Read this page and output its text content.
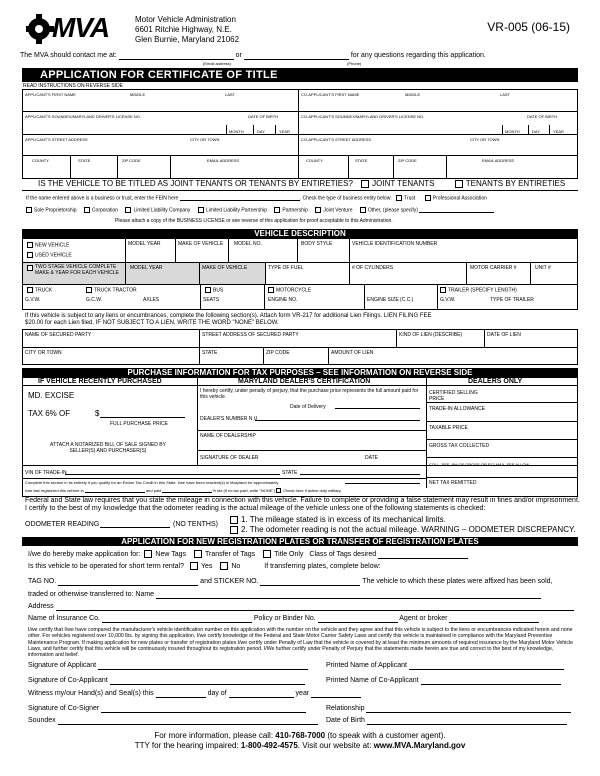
MVA	Motor Vehicle Administration
6601 Ritchie Highway, N.E.
Glen Burnie, Maryland 21062
VR-005 (06-15)
The MVA should contact me at:	or	for any questions regarding this application.
(Email address)	(Phone)
APPLICATION FOR CERTIFICATE OF TITLE
READ INSTRUCTIONS ON REVERSE SIDE
APPLICANT'S FIRST NAME	MIDDLE	LAST	CO-APPLICANT'S FIRST NAME	MIDDLE	LAST
APPLICANT'S SOUNDEX/MARYLAND DRIVER'S LICENSE NO.	DATE OF BIRTH
MONTH	DAY	YEAR
CO-APPLICANT'S SOUNDEX/MARYLAND DRIVER'S LICENSE NO.	DATE OF BIRTH
MONTH	DAY	YEAR
APPLICANT'S STREET ADDRESS	CITY OR TOWN	CO-APPLICANT'S STREET ADDRESS	CITY OR TOWN
COUNTY	STATE	ZIP CODE	EMAIL ADDRESS	COUNTY	STATE	ZIP CODE	EMAIL ADDRESS
IS THE VEHICLE TO BE TITLED AS JOINT TENANTS OR TENANTS BY ENTIRETIES? JOINT TENANTS	TENANTS BY ENTIRETIES
If the name entered above is a business or trust, enter the FEIN here	. Check the type of business entity below: Trust	Professional Association
Sole Proprietorship	Corporation	Limited Liability Company	Limited Liability Partnership	Partnership	Joint Venture	Other, (please specify)
Please attach a copy of the BUSINESS LICENSE or see reverse of this application for proof acceptable to this Administration.
VEHICLE DESCRIPTION
NEW VEHICLE
USED VEHICLE
MODEL YEAR	MAKE OF VEHICLE MODEL NO.	BODY STYLE	VEHICLE IDENTIFICATION NUMBER
TWO STAGE VEHICLE COMPLETE MAKE & YEAR FOR EACH VEHICLE
MODEL YEAR	MAKE OF VEHICLE	TYPE OF FUEL	# OF CYLINDERS	MOTOR CARRIER #	UNIT #
TRUCK	TRUCK TRACTOR	BUS	MOTORCYCLE	TRAILER (SPECIFY LENGTH)
G.V.W.	G.C.W.	AXLES	SEATS	ENGINE NO.	ENGINE SIZE (C.C.)	G.V.W.	TYPE OF TRAILER
If this vehicle is subject to any liens or encumbrances, complete the following section(s). Attach form VR-217 for additional Lien Filings. LIEN FILING FEE
$20.00 for each Lien filed. IF NOT SUBJECT TO A LIEN, WRITE THE WORD "NONE" BELOW.
NAME OF SECURED PARTY	STREET ADDRESS OF SECURED PARTY	KIND OF LIEN (DESCRIBE)	DATE OF LIEN
CITY OR TOWN	STATE	ZIP CODE	AMOUNT OF LIEN
PURCHASE INFORMATION FOR TAX PURPOSES – SEE INFORMATION ON REVERSE SIDE
IF VEHICLE RECENTLY PURCHASED	MARYLAND DEALER'S CERTIFICATION	DEALERS ONLY
MD. EXCISE
TAX 6% OF	$
FULL PURCHASE PRICE
ATTACH A NOTARIZED BILL OF SALE SIGNED BY SELLER(S) AND PURCHASER(S)
I hereby certify, under penalty of perjury, that the purchase price represents the full amount paid for this vehicle.
Date of Delivery
DEALER'S NUMBER N U
NAME OF DEALERSHIP
SIGNATURE OF DEALER	DATE
CERTIFIED SELLING PRICE
TRADE-IN ALLOWANCE
TAXABLE PRICE
GROSS TAX COLLECTED
COLL. FEE .8% OF GROSS OR $12 MAX. FEE ALLOW.
VIN OF TRADE-IN	STATE
NET TAX REMITTED
Complete this section in its entirety if you qualify for an Excise Tax Credit in this State. I/we have been resident(s) in Maryland for approximately
I/we last registered this vehicle in	and paid	% tax (if no tax paid, write "NONE") Check here if active duty military.
Federal and State law requires that you state the mileage in connection with this vehicle. Failure to complete or providing a false statement may result in fines and/or imprisonment. I certify to the best of my knowledge that the odometer reading is the actual mileage of the vehicle unless one of the following statements is checked:
ODOMETER READING	(NO TENTHS)
1. The mileage stated is in excess of its mechanical limits.
2. The odometer reading is not the actual mileage. WARNING – ODOMETER DISCREPANCY.
APPLICATION FOR NEW REGISTRATION PLATES OR TRANSFER OF REGISTRATION PLATES
I/we do hereby make application for: New Tags	Transfer of Tags	Title Only Class of Tags desired
Is this vehicle to be operated for short term rental? Yes	No	If transferring plates, complete below:
TAG NO.	and STICKER NO.	The vehicle to which these plates were affixed has been sold,
traded or otherwise transferred to: Name
Address
Name of Insurance Co.	Policy or Binder No.	Agent or broker
I/we certify that I/we have compared the manufacturer's vehicle identification number on this application with the number on the vehicle and they agree and that this vehicle is subject to the liens or encumbrances indicated herein and none other. For vehicles registered over 10,000 lbs. by signing this application, I/we certify knowledge of the Federal and State Motor Carrier Safety Laws and certify this vehicle is maintained in compliance with the Maryland Preventive Maintenance Program. If making application for new plates or transfer of registration plates I/we certify under Penalty of Law that the vehicle is covered by at least the minimum amounts of required insurance by the Maryland Motor Vehicle Laws, and further certify that this vehicle will be continuously insured throughout its registration period. I/We further certify under Penalty of Perjury that the statements made herein are true and correct to the best of my knowledge, information and belief.
Signature of Applicant	Printed Name of Applicant
Signature of Co-Applicant	Printed Name of Co-Applicant
Witness my/our Hand(s) and Seal(s) this	day of	year
Signature of Co-Signer	Relationship
Soundex	Date of Birth
For more information, please call: 410-768-7000 (to speak with a customer agent).
TTY for the hearing impaired: 1-800-492-4575. Visit our website at: www.MVA.Maryland.gov
